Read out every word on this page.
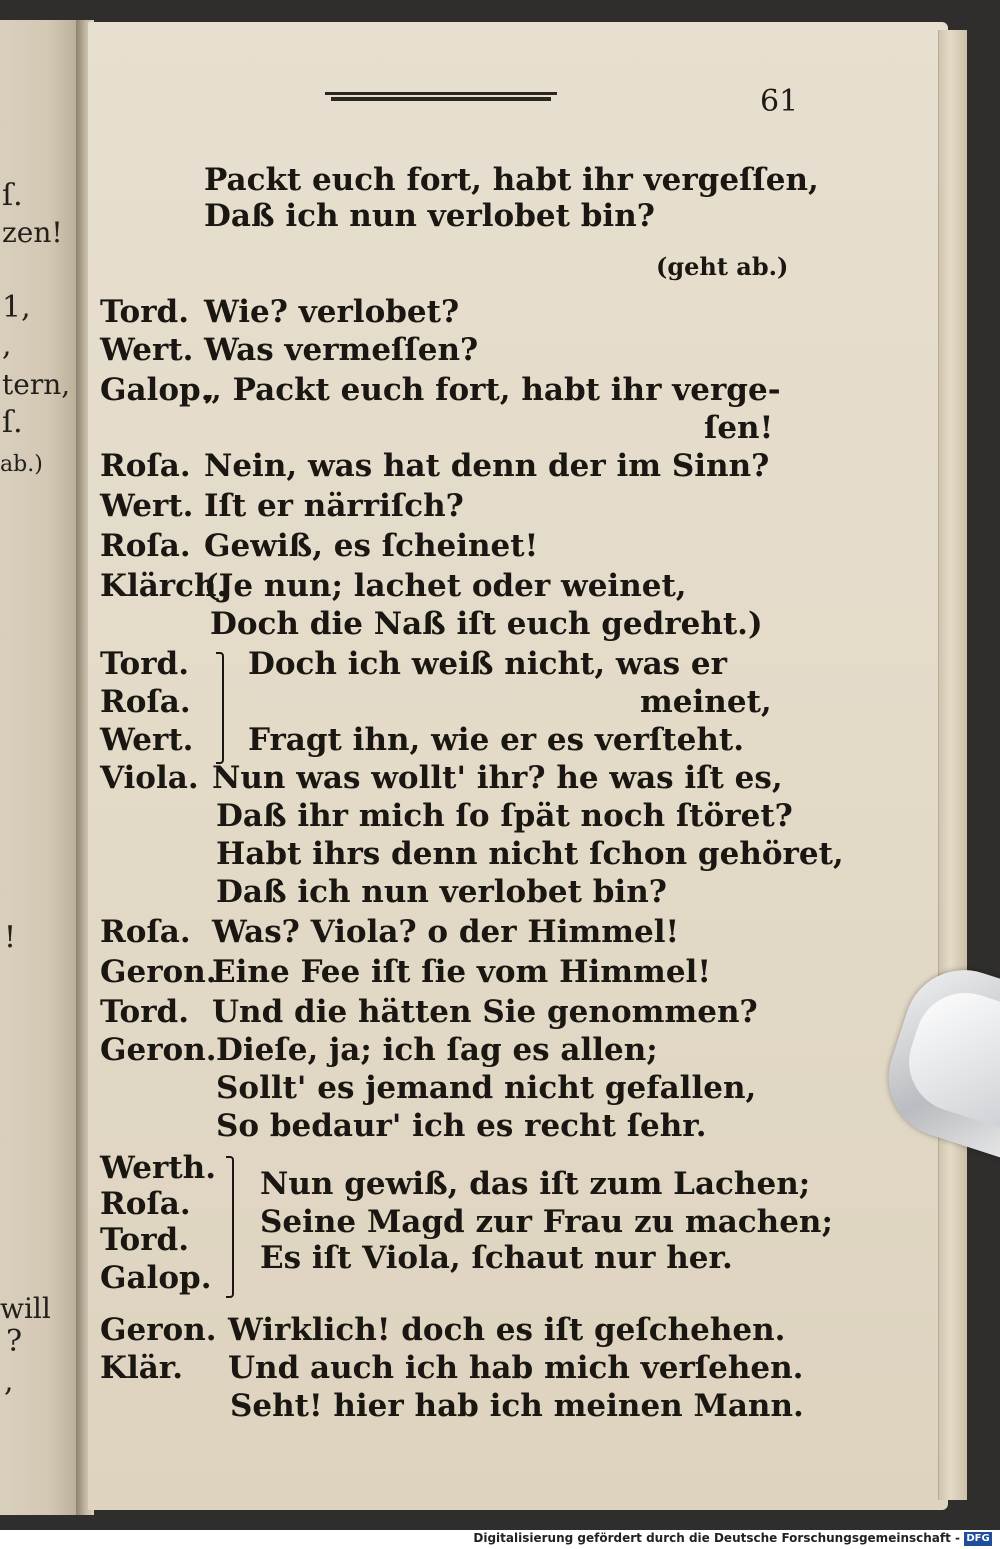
ſ.
zen!
1,
,
tern,
ſ.
ab.)
!
will
?
,
61
Packt euch fort, habt ihr vergeſſen,
Daß ich nun verlobet bin?
(geht ab.)
Tord. Wie? verlobet?
Wert. Was vermeſſen?
Galop.
„ Packt euch fort, habt ihr verge-
ſen!
Roſa. Nein, was hat denn der im Sinn?
Wert. Iſt er närriſch?
Roſa. Gewiß, es ſcheinet!
Klärch.
(Je nun; lachet oder weinet,
Doch die Naß iſt euch gedreht.)
Tord.
Roſa.
Wert.
Doch ich weiß nicht, was er
meinet,
Fragt ihn, wie er es verſteht.
Viola. Nun was wollt' ihr? he was iſt es,
Daß ihr mich ſo ſpät noch ſtöret?
Habt ihrs denn nicht ſchon gehöret,
Daß ich nun verlobet bin?
Roſa. Was? Viola? o der Himmel!
Geron.
Eine Fee iſt ſie vom Himmel!
Tord. Und die hätten Sie genommen?
Geron. Dieſe, ja; ich ſag es allen;
Sollt' es jemand nicht gefallen,
So bedaur' ich es recht ſehr.
Werth.
Roſa.
Tord.
Galop.
Nun gewiß, das iſt zum Lachen;
Seine Magd zur Frau zu machen;
Es iſt Viola, ſchaut nur her.
Geron. Wirklich! doch es iſt geſchehen.
Klär. Und auch ich hab mich verſehen.
Seht! hier hab ich meinen Mann.
Digitalisierung gefördert durch die Deutsche Forschungsgemeinschaft - DFG
